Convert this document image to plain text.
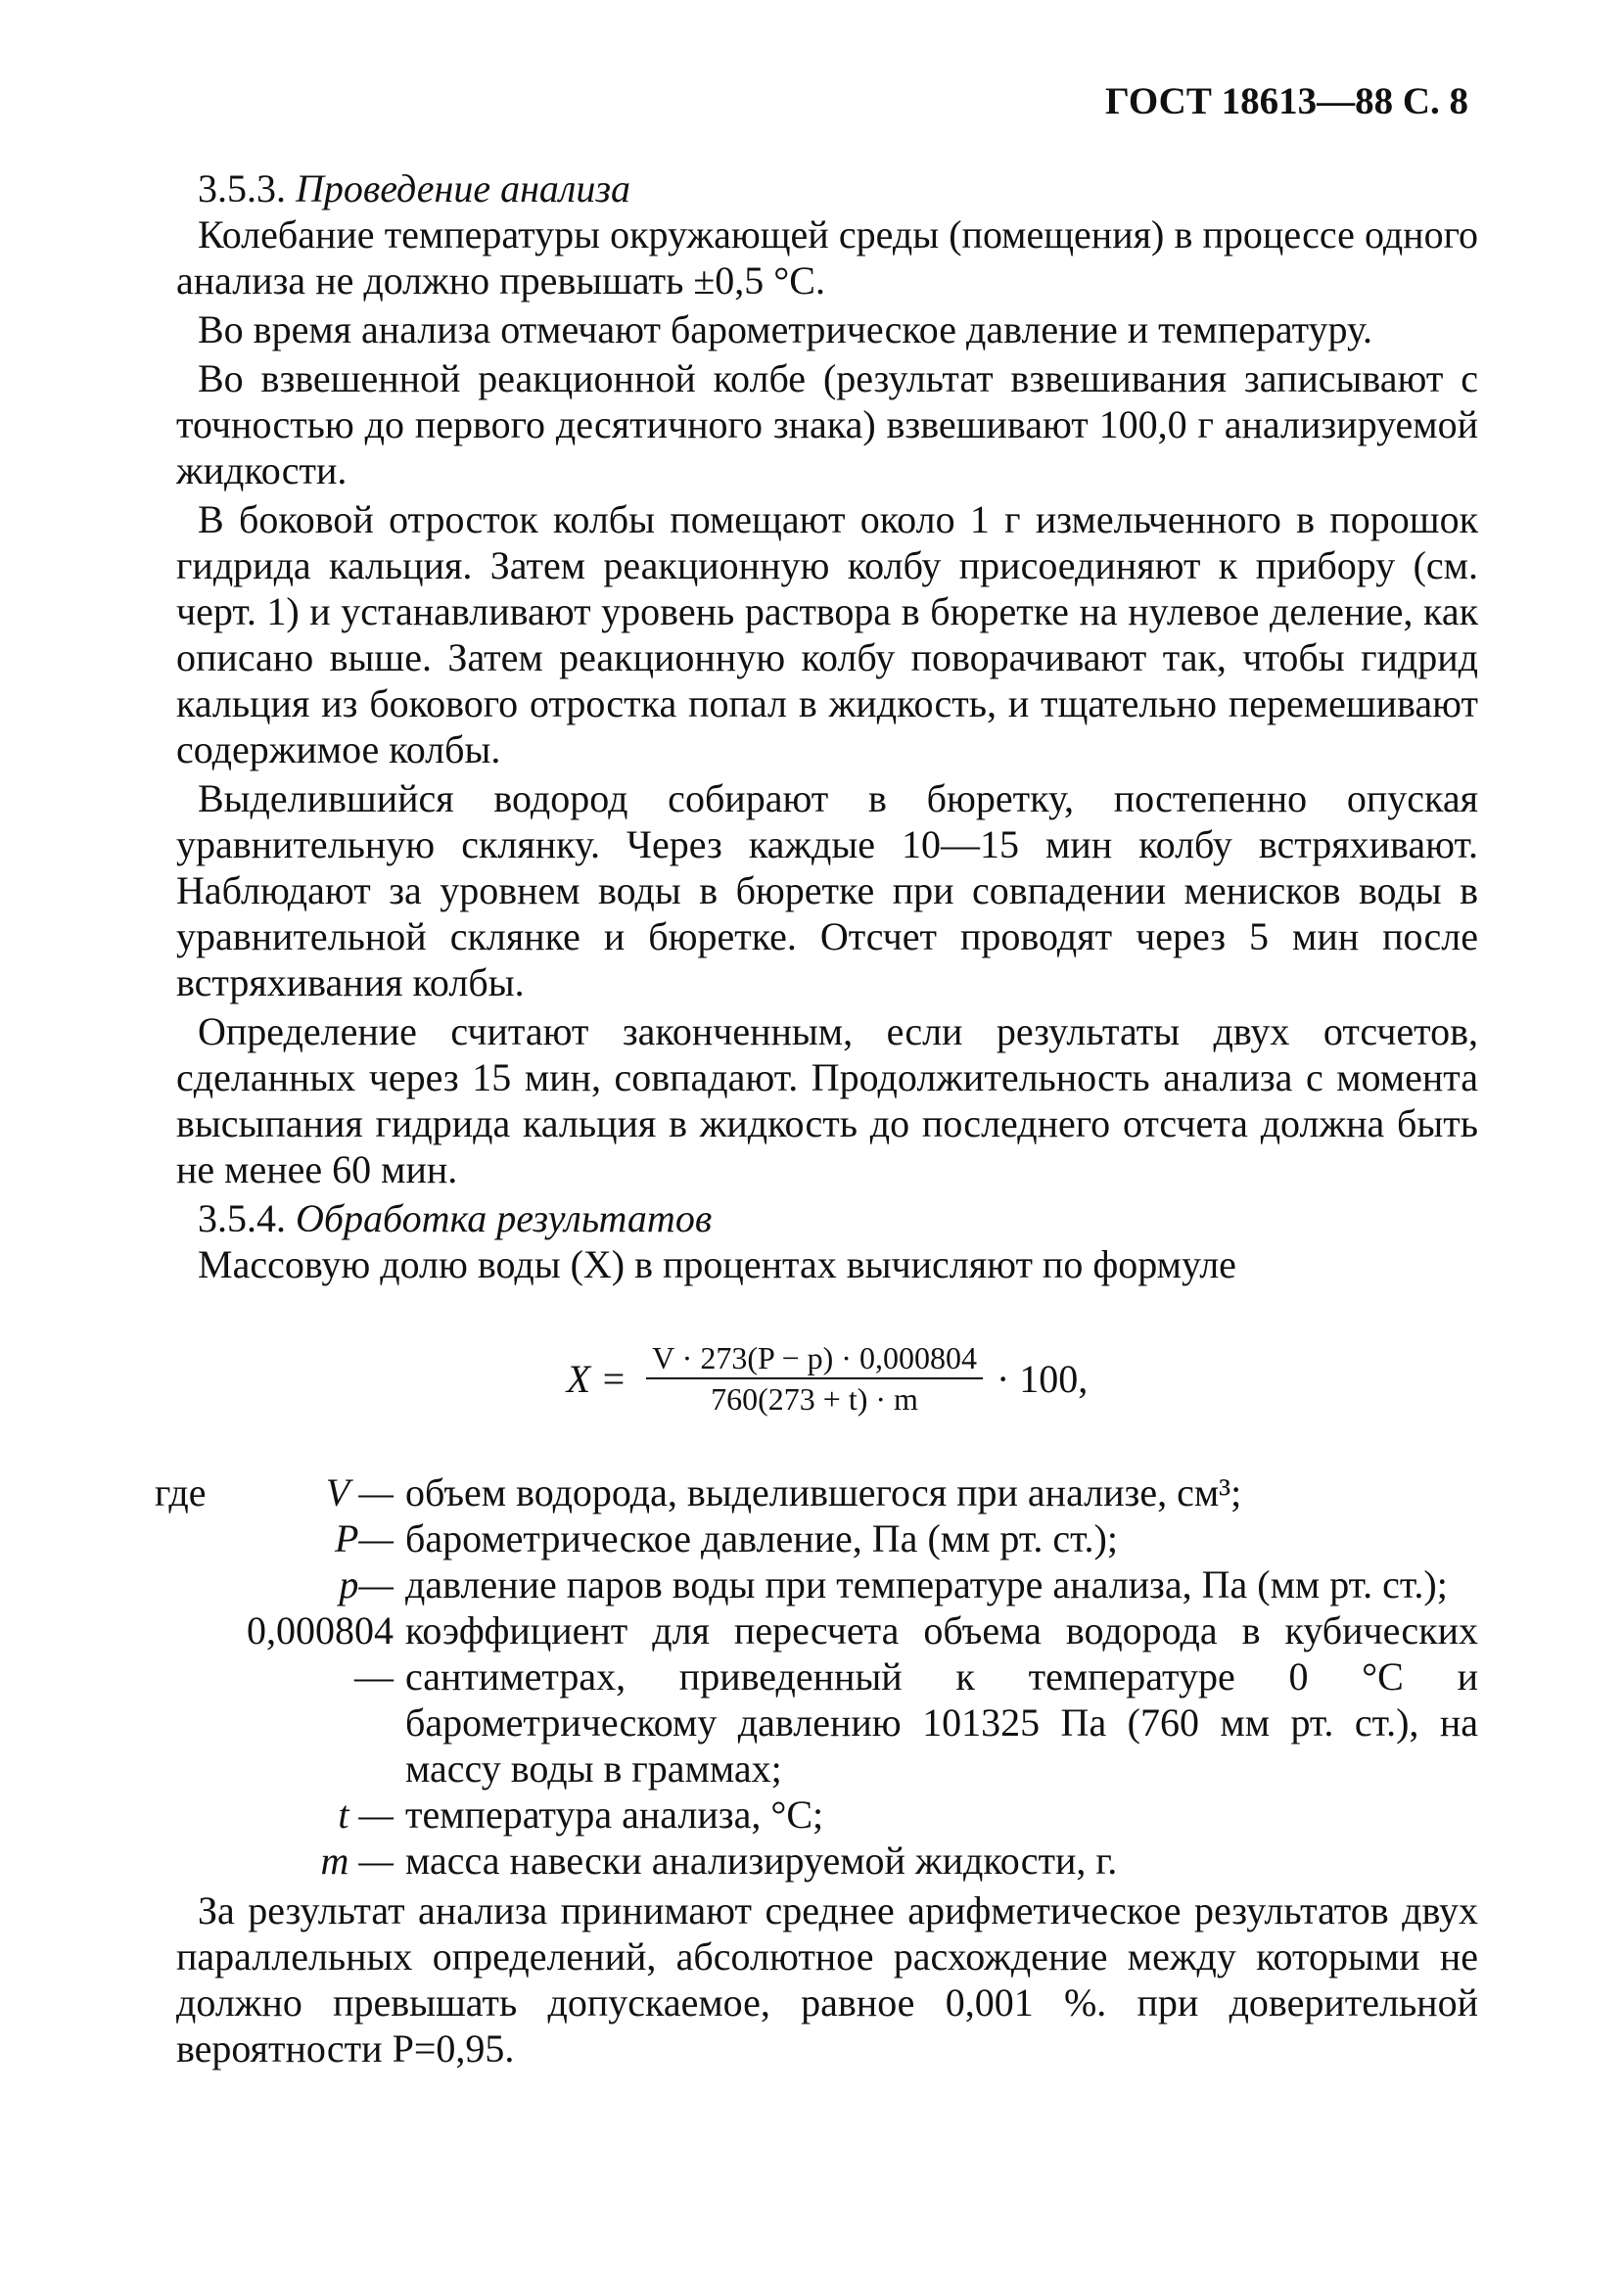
ГОСТ 18613—88 С. 8
3.5.3. Проведение анализа

Колебание температуры окружающей среды (помещения) в процессе одного анализа не должно превышать ±0,5 °С.

Во время анализа отмечают барометрическое давление и температуру.

Во взвешенной реакционной колбе (результат взвешивания записывают с точностью до первого десятичного знака) взвешивают 100,0 г анализируемой жидкости.

В боковой отросток колбы помещают около 1 г измельченного в порошок гидрида кальция. Затем реакционную колбу присоединяют к прибору (см. черт. 1) и устанавливают уровень раствора в бюретке на нулевое деление, как описано выше. Затем реакционную колбу поворачивают так, чтобы гидрид кальция из бокового отростка попал в жидкость, и тщательно перемешивают содержимое колбы.

Выделившийся водород собирают в бюретку, постепенно опуская уравнительную склянку. Через каждые 10—15 мин колбу встряхивают. Наблюдают за уровнем воды в бюретке при совпадении менисков воды в уравнительной склянке и бюретке. Отсчет проводят через 5 мин после встряхивания колбы.

Определение считают законченным, если результаты двух отсчетов, сделанных через 15 мин, совпадают. Продолжительность анализа с момента высыпания гидрида кальция в жидкость до последнего отсчета должна быть не менее 60 мин.

3.5.4. Обработка результатов

Массовую долю воды (X) в процентах вычисляют по формуле

$X = \frac{V \cdot 273(P - p) \cdot 0,000804}{760(273 + t) \cdot m} \cdot 100$,
где	V — объем водорода, выделившегося при анализе, см³;
P— барометрическое давление, Па (мм рт. ст.);
p— давление паров воды при температуре анализа, Па (мм рт. ст.);
0,000804—
коэффициент для пересчета объема водорода в кубических сантиметрах, приведенный к температуре 0 °С и барометрическому давлению 101325 Па (760 мм рт. ст.), на массу воды в граммах;
t — температура анализа, °С;
m — масса навески анализируемой жидкости, г.

За результат анализа принимают среднее арифметическое результатов двух параллельных определений, абсолютное расхождение между которыми не должно превышать допускаемое, равное 0,001 %. при доверительной вероятности P=0,95.
